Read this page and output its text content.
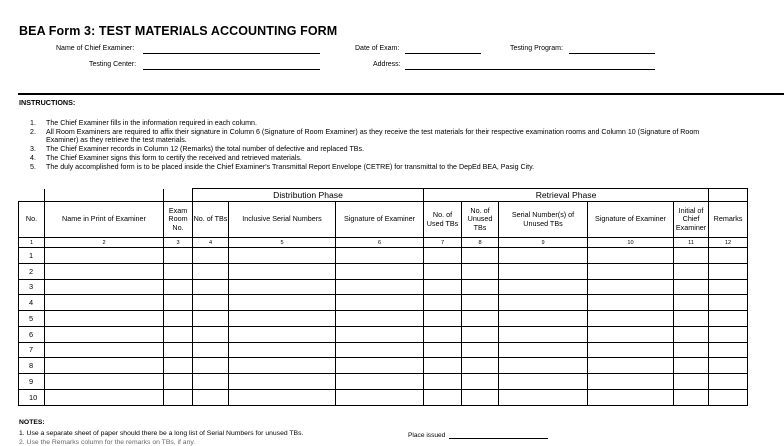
BEA Form 3: TEST MATERIALS ACCOUNTING FORM
Name of Chief Examiner:	Date of Exam:	Testing Program:
Testing Center:	Address:
INSTRUCTIONS:
1.	The Chief Examiner fills in the information required in each column.
2.	All Room Examiners are required to affix their signature in Column 6 (Signature of Room Examiner) as they receive the test materials for their respective examination rooms and Column 10 (Signature of Room Examiner) as they retrieve the test materials.
3.	The Chief Examiner records in Column 12 (Remarks) the total number of defective and replaced TBs.
4.	The Chief Examiner signs this form to certify the received and retrieved materials.
5.	The duly accomplished form is to be placed inside the Chief Examiner's Transmittal Report Envelope (CETRE) for transmittal to the DepEd BEA, Pasig City.
			Distribution Phase			Retrieval Phase					
No.	Name in Print of Examiner	Exam Room No.	No. of TBs	Inclusive Serial Numbers	Signature of Examiner	No. of Used TBs	No. of Unused TBs	Serial Number(s) of Unused TBs	Signature of Examiner	Initial of Chief Examiner	Remarks
1	2	3	4	5	6	7	8	9	10	11	12
1											
2											
3											
4											
5											
6											
7											
8											
9											
10											
NOTES:
1. Use a separate sheet of paper should there be a long list of Serial Numbers for unused TBs.
2. Use the Remarks column for the remarks on TBs, if any.
Place issued
